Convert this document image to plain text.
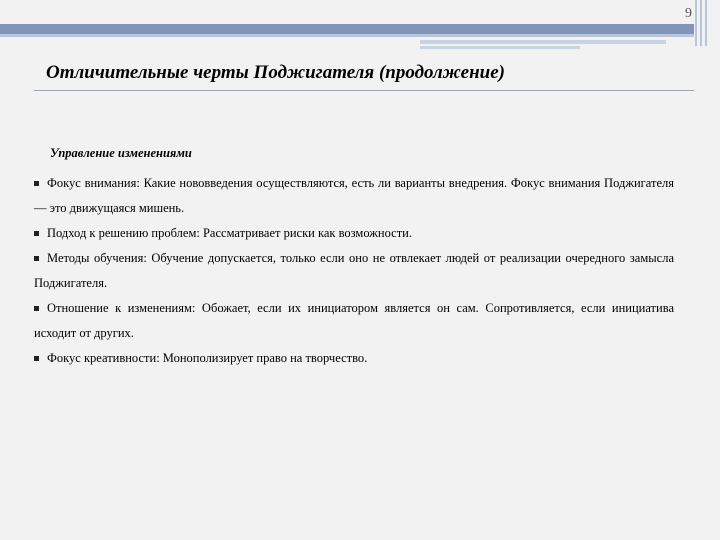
9
Отличительные черты Поджигателя (продолжение)

Управление изменениями

Фокус внимания: Какие нововведения осуществляются, есть ли варианты внедрения. Фокус внимания Поджигателя — это движущаяся мишень.
Подход к решению проблем: Рассматривает риски как возможности.
Методы обучения: Обучение допускается, только если оно не отвлекает людей от реализации очередного замысла Поджигателя.
Отношение к изменениям: Обожает, если их инициатором является он сам. Сопротивляется, если инициатива исходит от других.
Фокус креативности: Монополизирует право на творчество.
